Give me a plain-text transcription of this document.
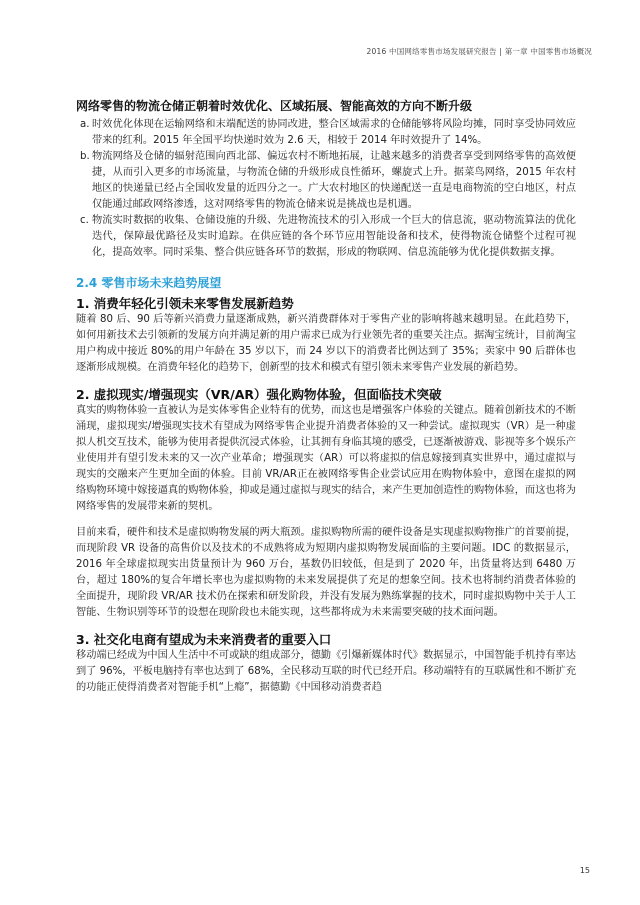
2016 中国网络零售市场发展研究报告 | 第一章 中国零售市场概况
网络零售的物流仓储正朝着时效优化、区域拓展、智能高效的方向不断升级
a. 时效优化体现在运输网络和末端配送的协同改进，整合区域需求的仓储能够将风险均摊，同时享受协同效应带来的红利。2015 年全国平均快递时效为 2.6 天，相较于 2014 年时效提升了 14%。
b. 物流网络及仓储的辐射范围向西北部、偏远农村不断地拓展，让越来越多的消费者享受到网络零售的高效便捷，从而引入更多的市场流量，与物流仓储的升级形成良性循环，螺旋式上升。据菜鸟网络，2015 年农村地区的快递量已经占全国收发量的近四分之一。广大农村地区的快递配送一直是电商物流的空白地区，村点仅能通过邮政网络渗透，这对网络零售的物流仓储来说是挑战也是机遇。
c. 物流实时数据的收集、仓储设施的升级、先进物流技术的引入形成一个巨大的信息流，驱动物流算法的优化迭代，保障最优路径及实时追踪。在供应链的各个环节应用智能设备和技术，使得物流仓储整个过程可视化，提高效率。同时采集、整合供应链各环节的数据，形成的物联网、信息流能够为优化提供数据支撑。
2.4 零售市场未来趋势展望
1. 消费年轻化引领未来零售发展新趋势

随着 80 后、90 后等新兴消费力量逐渐成熟，新兴消费群体对于零售产业的影响将越来越明显。在此趋势下，如何用新技术去引领新的发展方向并满足新的用户需求已成为行业领先者的重要关注点。据淘宝统计，目前淘宝用户构成中接近 80%的用户年龄在 35 岁以下，而 24 岁以下的消费者比例达到了 35%；卖家中 90 后群体也逐渐形成规模。在消费年轻化的趋势下，创新型的技术和模式有望引领未来零售产业发展的新趋势。

2. 虚拟现实/增强现实（VR/AR）强化购物体验，但面临技术突破

真实的购物体验一直被认为是实体零售企业特有的优势，而这也是增强客户体验的关键点。随着创新技术的不断涌现，虚拟现实/增强现实技术有望成为网络零售企业提升消费者体验的又一种尝试。虚拟现实（VR）是一种虚拟人机交互技术，能够为使用者提供沉浸式体验，让其拥有身临其境的感受，已逐渐被游戏、影视等多个娱乐产业使用并有望引发未来的又一次产业革命；增强现实（AR）可以将虚拟的信息嫁接到真实世界中，通过虚拟与现实的交融来产生更加全面的体验。目前 VR/AR正在被网络零售企业尝试应用在购物体验中，意图在虚拟的网络购物环境中嫁接逼真的购物体验，抑或是通过虚拟与现实的结合，来产生更加创造性的购物体验，而这也将为网络零售的发展带来新的契机。

目前来看，硬件和技术是虚拟购物发展的两大瓶颈。虚拟购物所需的硬件设备是实现虚拟购物推广的首要前提，而现阶段 VR 设备的高售价以及技术的不成熟将成为短期内虚拟购物发展面临的主要问题。IDC 的数据显示，2016 年全球虚拟现实出货量预计为 960 万台，基数仍旧较低，但是到了 2020 年，出货量将达到 6480 万台，超过 180%的复合年增长率也为虚拟购物的未来发展提供了充足的想象空间。技术也将制约消费者体验的全面提升，现阶段 VR/AR 技术仍在探索和研发阶段，并没有发展为熟练掌握的技术，同时虚拟购物中关于人工智能、生物识别等环节的设想在现阶段也未能实现，这些都将成为未来需要突破的技术面问题。

3. 社交化电商有望成为未来消费者的重要入口

移动端已经成为中国人生活中不可或缺的组成部分，德勤《引爆新媒体时代》数据显示，中国智能手机持有率达到了 96%，平板电脑持有率也达到了 68%，全民移动互联的时代已经开启。移动端特有的互联属性和不断扩充的功能正使得消费者对智能手机“上瘾”，据德勤《中国移动消费者趋

15
